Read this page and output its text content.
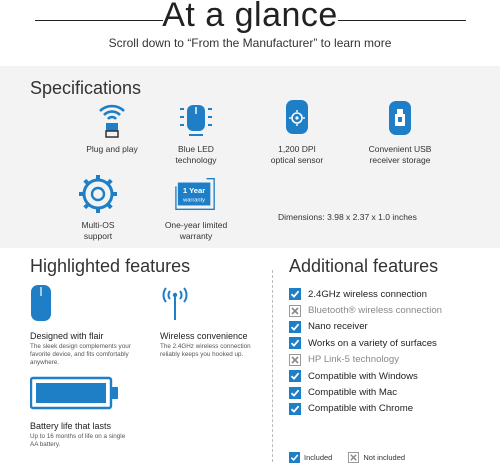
At a glance
Scroll down to “From the Manufacturer” to learn more
Specifications
Plug and play	Blue LED technology
1,200 DPI optical sensor
Convenient USB receiver storage
Multi-OS support
1 Year
warranty
One-year limited warranty
Dimensions: 3.98 x 2.37 x 1.0 inches
Highlighted features	Additional features
Designed with flair
The sleek design complements your favorite device, and fits comfortably anywhere.
Wireless convenience
The 2.4GHz wireless connection reliably keeps you hooked up.
Battery life that lasts
Up to 16 months of life on a single AA battery.
2.4GHz wireless connection
Bluetooth® wireless connection
Nano receiver
Works on a variety of surfaces
HP Link-5 technology
Compatible with Windows
Compatible with Mac
Compatible with Chrome
Included	Not included
